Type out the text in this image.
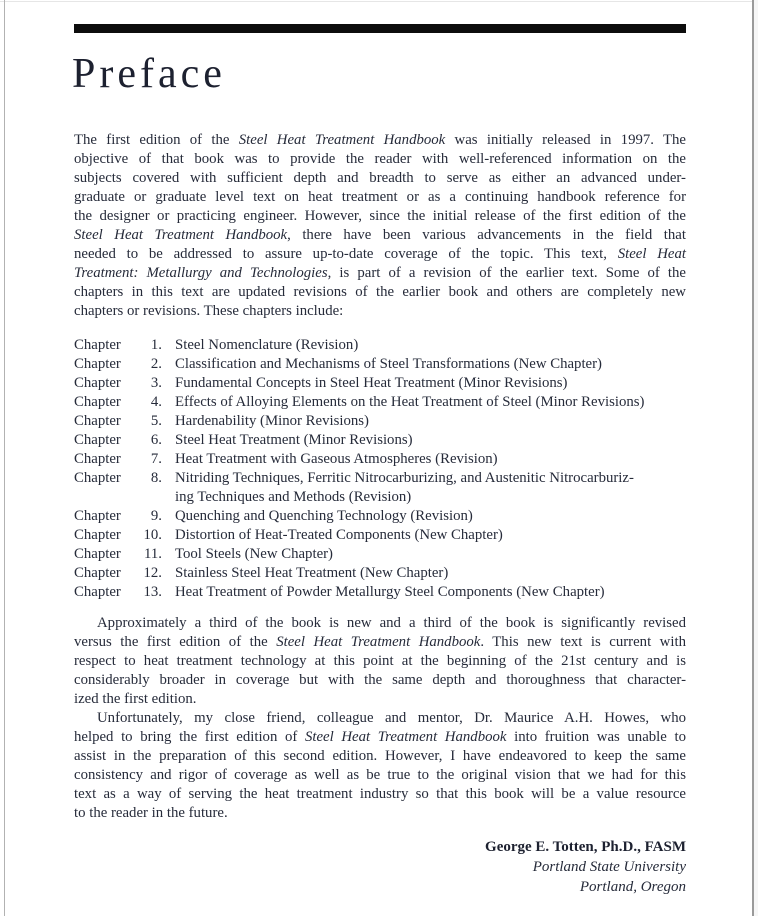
Preface
The first edition of the Steel Heat Treatment Handbook was initially released in 1997. The
objective of that book was to provide the reader with well-referenced information on the
subjects covered with sufficient depth and breadth to serve as either an advanced under-
graduate or graduate level text on heat treatment or as a continuing handbook reference for
the designer or practicing engineer. However, since the initial release of the first edition of the
Steel Heat Treatment Handbook, there have been various advancements in the field that
needed to be addressed to assure up-to-date coverage of the topic. This text, Steel Heat
Treatment: Metallurgy and Technologies, is part of a revision of the earlier text. Some of the
chapters in this text are updated revisions of the earlier book and others are completely new
chapters or revisions. These chapters include:
Chapter	1. Steel Nomenclature (Revision)
Chapter	2. Classification and Mechanisms of Steel Transformations (New Chapter)
Chapter	3. Fundamental Concepts in Steel Heat Treatment (Minor Revisions)
Chapter	4. Effects of Alloying Elements on the Heat Treatment of Steel (Minor Revisions)
Chapter	5. Hardenability (Minor Revisions)
Chapter	6. Steel Heat Treatment (Minor Revisions)
Chapter	7. Heat Treatment with Gaseous Atmospheres (Revision)
Chapter	8. Nitriding Techniques, Ferritic Nitrocarburizing, and Austenitic Nitrocarburiz-
ing Techniques and Methods (Revision)
Chapter	9. Quenching and Quenching Technology (Revision)
Chapter	10. Distortion of Heat-Treated Components (New Chapter)
Chapter	11. Tool Steels (New Chapter)
Chapter	12. Stainless Steel Heat Treatment (New Chapter)
Chapter	13. Heat Treatment of Powder Metallurgy Steel Components (New Chapter)
Approximately a third of the book is new and a third of the book is significantly revised
versus the first edition of the Steel Heat Treatment Handbook. This new text is current with
respect to heat treatment technology at this point at the beginning of the 21st century and is
considerably broader in coverage but with the same depth and thoroughness that character-
ized the first edition.
Unfortunately, my close friend, colleague and mentor, Dr. Maurice A.H. Howes, who
helped to bring the first edition of Steel Heat Treatment Handbook into fruition was unable to
assist in the preparation of this second edition. However, I have endeavored to keep the same
consistency and rigor of coverage as well as be true to the original vision that we had for this
text as a way of serving the heat treatment industry so that this book will be a value resource
to the reader in the future.
George E. Totten, Ph.D., FASM
Portland State University
Portland, Oregon
